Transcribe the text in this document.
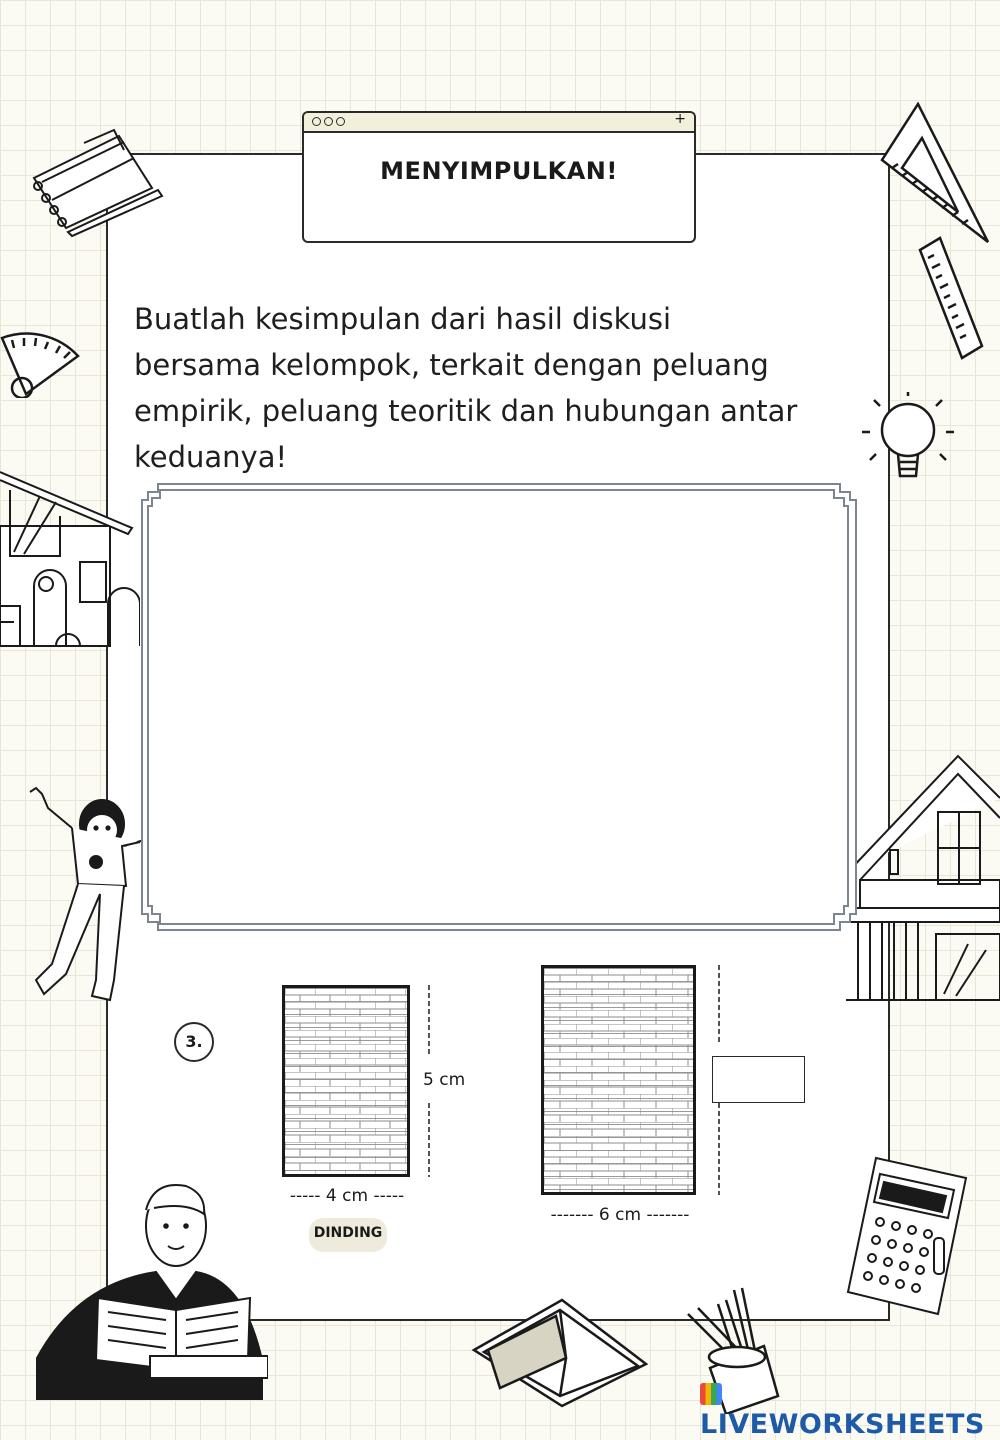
+
MENYIMPULKAN!
Buatlah kesimpulan dari hasil diskusi
bersama kelompok, terkait dengan peluang
empirik, peluang teoritik dan hubungan antar
keduanya!
3.
5 cm
----- 4 cm -----
DINDING
------- 6 cm -------
LIVEWORKSHEETS
